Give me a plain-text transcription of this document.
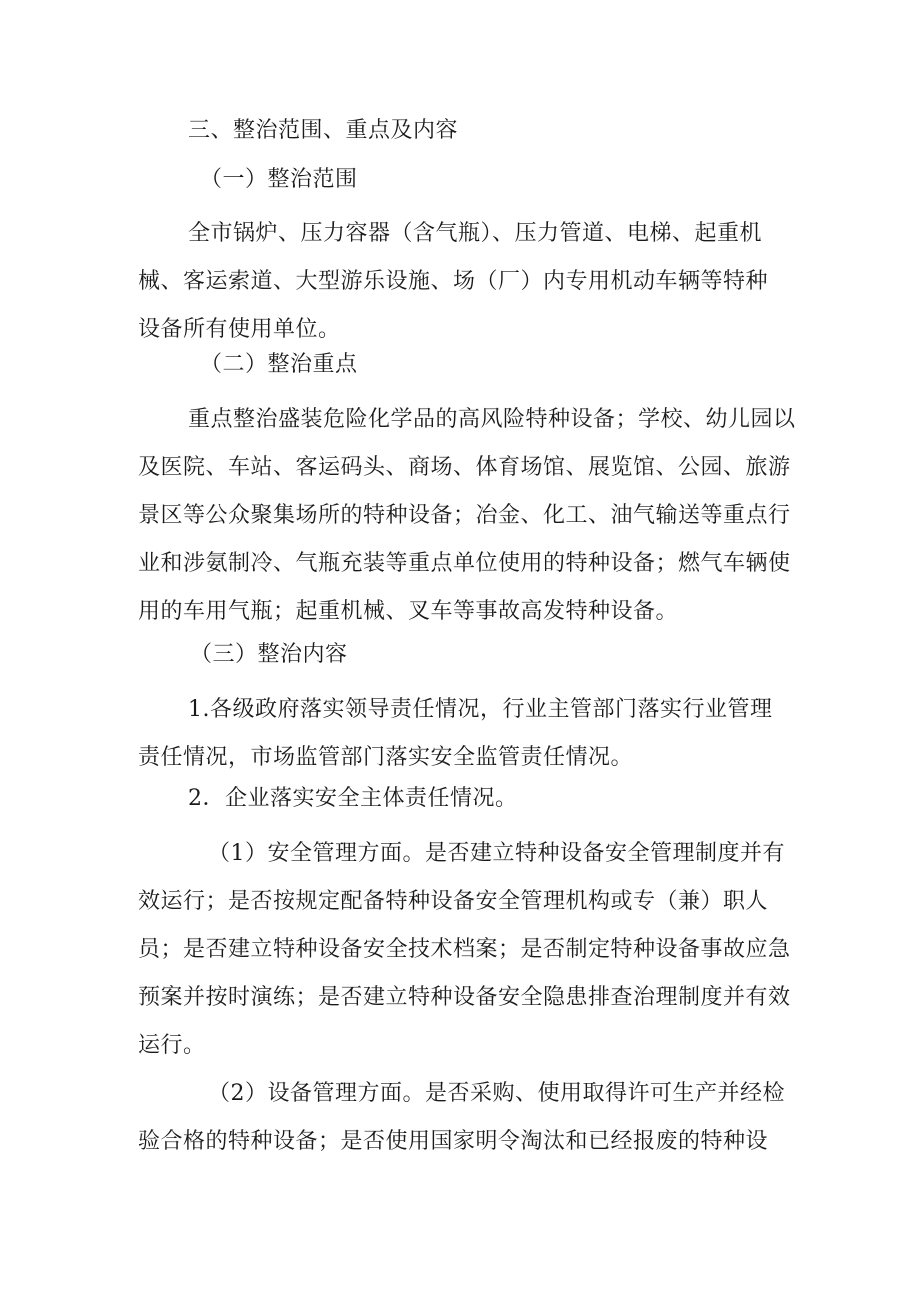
三、整治范围、重点及内容
（一）整治范围
全市锅炉、压力容器（含气瓶）、压力管道、电梯、起重机械、客运索道、大型游乐设施、场（厂）内专用机动车辆等特种设备所有使用单位。
（二）整治重点
重点整治盛装危险化学品的高风险特种设备；学校、幼儿园以及医院、车站、客运码头、商场、体育场馆、展览馆、公园、旅游景区等公众聚集场所的特种设备；冶金、化工、油气输送等重点行业和涉氨制冷、气瓶充装等重点单位使用的特种设备；燃气车辆使用的车用气瓶；起重机械、叉车等事故高发特种设备。
（三）整治内容
1.各级政府落实领导责任情况，行业主管部门落实行业管理责任情况，市场监管部门落实安全监管责任情况。
2．企业落实安全主体责任情况。
（1）安全管理方面。是否建立特种设备安全管理制度并有效运行；是否按规定配备特种设备安全管理机构或专（兼）职人员；是否建立特种设备安全技术档案；是否制定特种设备事故应急预案并按时演练；是否建立特种设备安全隐患排查治理制度并有效运行。
（2）设备管理方面。是否采购、使用取得许可生产并经检验合格的特种设备；是否使用国家明令淘汰和已经报废的特种设
